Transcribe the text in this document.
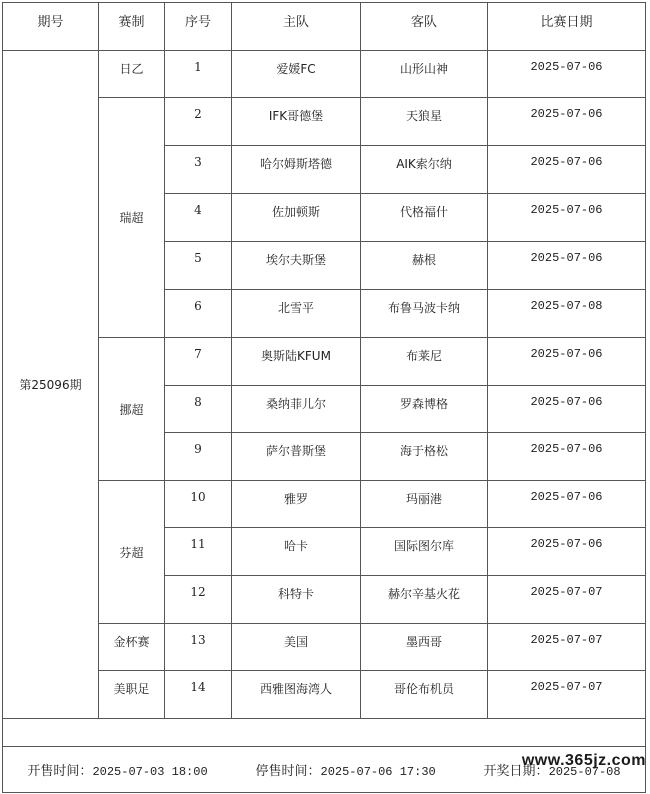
期号	赛制	序号	主队	客队	比赛日期
第25096期	日乙	1	爱媛FC	山形山神	2025-07-06
	瑞超	2	IFK哥德堡	天狼星	2025-07-06
		3	哈尔姆斯塔德	AIK索尔纳	2025-07-06
		4	佐加顿斯	代格福什	2025-07-06
		5	埃尔夫斯堡	赫根	2025-07-06
		6	北雪平	布鲁马波卡纳	2025-07-08
	挪超	7	奥斯陆KFUM	布莱尼	2025-07-06
		8	桑纳菲儿尔	罗森博格	2025-07-06
		9	萨尔普斯堡	海于格松	2025-07-06
	芬超	10	雅罗	玛丽港	2025-07-06
		11	哈卡	国际图尔库	2025-07-06
		12	科特卡	赫尔辛基火花	2025-07-07
	金杯赛	13	美国	墨西哥	2025-07-07
	美职足	14	西雅图海湾人	哥伦布机员	2025-07-07

开售时间：2025-07-03 18:00 停售时间：2025-07-06 17:30 开奖日期：2025-07-08					
www.365jz.com
